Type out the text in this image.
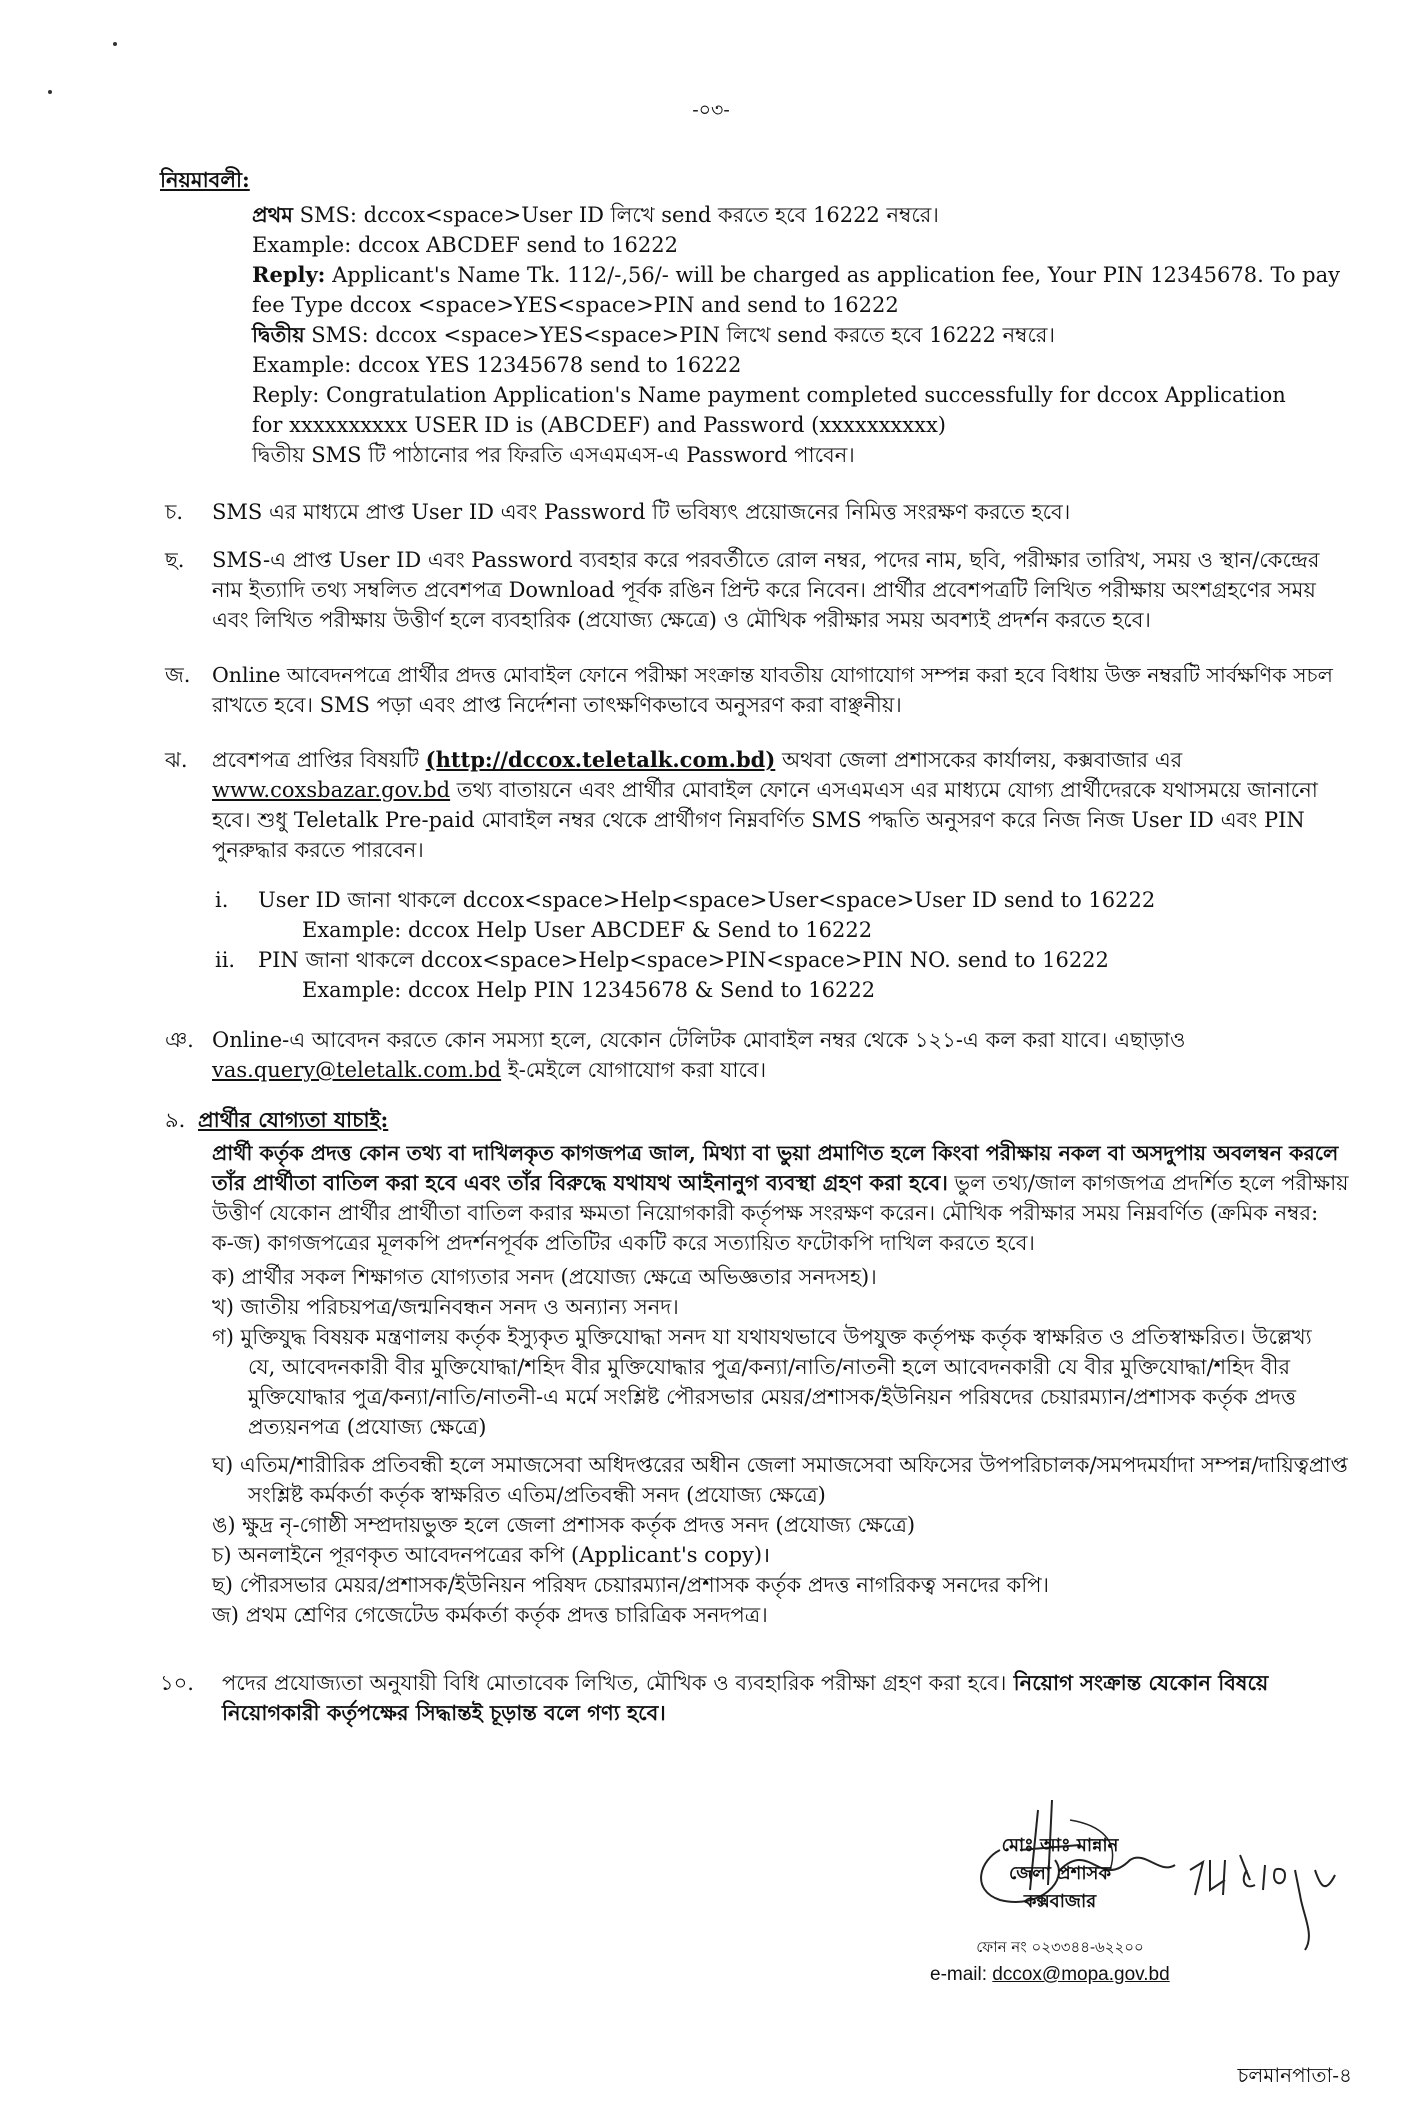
-০৩-
নিয়মাবলী:
প্রথম SMS: dccox<space>User ID লিখে send করতে হবে 16222 নম্বরে।
Example: dccox ABCDEF send to 16222
Reply: Applicant's Name Tk. 112/-,56/- will be charged as application fee, Your PIN 12345678. To pay
fee Type dccox <space>YES<space>PIN and send to 16222
দ্বিতীয় SMS: dccox <space>YES<space>PIN লিখে send করতে হবে 16222 নম্বরে।
Example: dccox YES 12345678 send to 16222
Reply: Congratulation Application's Name payment completed successfully for dccox Application
for xxxxxxxxxx USER ID is (ABCDEF) and Password (xxxxxxxxxx)
দ্বিতীয় SMS টি পাঠানোর পর ফিরতি এসএমএস-এ Password পাবেন।
চ.	SMS এর মাধ্যমে প্রাপ্ত User ID এবং Password টি ভবিষ্যৎ প্রয়োজনের নিমিত্ত সংরক্ষণ করতে হবে।
ছ.	SMS-এ প্রাপ্ত User ID এবং Password ব্যবহার করে পরবর্তীতে রোল নম্বর, পদের নাম, ছবি, পরীক্ষার তারিখ, সময় ও স্থান/কেন্দ্রের
নাম ইত্যাদি তথ্য সম্বলিত প্রবেশপত্র Download পূর্বক রঙিন প্রিন্ট করে নিবেন। প্রার্থীর প্রবেশপত্রটি লিখিত পরীক্ষায় অংশগ্রহণের সময়
এবং লিখিত পরীক্ষায় উত্তীর্ণ হলে ব্যবহারিক (প্রযোজ্য ক্ষেত্রে) ও মৌখিক পরীক্ষার সময় অবশ্যই প্রদর্শন করতে হবে।
জ.	Online আবেদনপত্রে প্রার্থীর প্রদত্ত মোবাইল ফোনে পরীক্ষা সংক্রান্ত যাবতীয় যোগাযোগ সম্পন্ন করা হবে বিধায় উক্ত নম্বরটি সার্বক্ষণিক সচল
রাখতে হবে। SMS পড়া এবং প্রাপ্ত নির্দেশনা তাৎক্ষণিকভাবে অনুসরণ করা বাঞ্ছনীয়।
ঝ.	প্রবেশপত্র প্রাপ্তির বিষয়টি (http://dccox.teletalk.com.bd) অথবা জেলা প্রশাসকের কার্যালয়, কক্সবাজার এর
www.coxsbazar.gov.bd তথ্য বাতায়নে এবং প্রার্থীর মোবাইল ফোনে এসএমএস এর মাধ্যমে যোগ্য প্রার্থীদেরকে যথাসময়ে জানানো
হবে। শুধু Teletalk Pre-paid মোবাইল নম্বর থেকে প্রার্থীগণ নিম্নবর্ণিত SMS পদ্ধতি অনুসরণ করে নিজ নিজ User ID এবং PIN
পুনরুদ্ধার করতে পারবেন।
i. User ID জানা থাকলে dccox<space>Help<space>User<space>User ID send to 16222
Example: dccox Help User ABCDEF & Send to 16222
ii. PIN জানা থাকলে dccox<space>Help<space>PIN<space>PIN NO. send to 16222
Example: dccox Help PIN 12345678 & Send to 16222
ঞ. Online-এ আবেদন করতে কোন সমস্যা হলে, যেকোন টেলিটক মোবাইল নম্বর থেকে ১২১-এ কল করা যাবে। এছাড়াও
vas.query@teletalk.com.bd ই-মেইলে যোগাযোগ করা যাবে।
৯. প্রার্থীর যোগ্যতা যাচাই:
প্রার্থী কর্তৃক প্রদত্ত কোন তথ্য বা দাখিলকৃত কাগজপত্র জাল, মিথ্যা বা ভুয়া প্রমাণিত হলে কিংবা পরীক্ষায় নকল বা অসদুপায় অবলম্বন করলে
তাঁর প্রার্থীতা বাতিল করা হবে এবং তাঁর বিরুদ্ধে যথাযথ আইনানুগ ব্যবস্থা গ্রহণ করা হবে। ভুল তথ্য/জাল কাগজপত্র প্রদর্শিত হলে পরীক্ষায়
উত্তীর্ণ যেকোন প্রার্থীর প্রার্থীতা বাতিল করার ক্ষমতা নিয়োগকারী কর্তৃপক্ষ সংরক্ষণ করেন। মৌখিক পরীক্ষার সময় নিম্নবর্ণিত (ক্রমিক নম্বর:
ক-জ) কাগজপত্রের মূলকপি প্রদর্শনপূর্বক প্রতিটির একটি করে সত্যায়িত ফটোকপি দাখিল করতে হবে।
ক) প্রার্থীর সকল শিক্ষাগত যোগ্যতার সনদ (প্রযোজ্য ক্ষেত্রে অভিজ্ঞতার সনদসহ)।
খ) জাতীয় পরিচয়পত্র/জন্মনিবন্ধন সনদ ও অন্যান্য সনদ।
গ) মুক্তিযুদ্ধ বিষয়ক মন্ত্রণালয় কর্তৃক ইস্যুকৃত মুক্তিযোদ্ধা সনদ যা যথাযথভাবে উপযুক্ত কর্তৃপক্ষ কর্তৃক স্বাক্ষরিত ও প্রতিস্বাক্ষরিত। উল্লেখ্য
যে, আবেদনকারী বীর মুক্তিযোদ্ধা/শহিদ বীর মুক্তিযোদ্ধার পুত্র/কন্যা/নাতি/নাতনী হলে আবেদনকারী যে বীর মুক্তিযোদ্ধা/শহিদ বীর
মুক্তিযোদ্ধার পুত্র/কন্যা/নাতি/নাতনী-এ মর্মে সংশ্লিষ্ট পৌরসভার মেয়র/প্রশাসক/ইউনিয়ন পরিষদের চেয়ারম্যান/প্রশাসক কর্তৃক প্রদত্ত
প্রত্যয়নপত্র (প্রযোজ্য ক্ষেত্রে)
ঘ) এতিম/শারীরিক প্রতিবন্ধী হলে সমাজসেবা অধিদপ্তরের অধীন জেলা সমাজসেবা অফিসের উপপরিচালক/সমপদমর্যাদা সম্পন্ন/দায়িত্বপ্রাপ্ত
সংশ্লিষ্ট কর্মকর্তা কর্তৃক স্বাক্ষরিত এতিম/প্রতিবন্ধী সনদ (প্রযোজ্য ক্ষেত্রে)
ঙ) ক্ষুদ্র নৃ-গোষ্ঠী সম্প্রদায়ভুক্ত হলে জেলা প্রশাসক কর্তৃক প্রদত্ত সনদ (প্রযোজ্য ক্ষেত্রে)
চ) অনলাইনে পূরণকৃত আবেদনপত্রের কপি (Applicant's copy)।
ছ) পৌরসভার মেয়র/প্রশাসক/ইউনিয়ন পরিষদ চেয়ারম্যান/প্রশাসক কর্তৃক প্রদত্ত নাগরিকত্ব সনদের কপি।
জ) প্রথম শ্রেণির গেজেটেড কর্মকর্তা কর্তৃক প্রদত্ত চারিত্রিক সনদপত্র।
১০.	পদের প্রযোজ্যতা অনুযায়ী বিধি মোতাবেক লিখিত, মৌখিক ও ব্যবহারিক পরীক্ষা গ্রহণ করা হবে। নিয়োগ সংক্রান্ত যেকোন বিষয়ে
নিয়োগকারী কর্তৃপক্ষের সিদ্ধান্তই চূড়ান্ত বলে গণ্য হবে।
মোঃ আঃ মান্নান
জেলা প্রশাসক
কক্সবাজার
ফোন নং ০২৩৩৪৪-৬২২০০
e-mail: dccox@mopa.gov.bd
চলমানপাতা-৪
